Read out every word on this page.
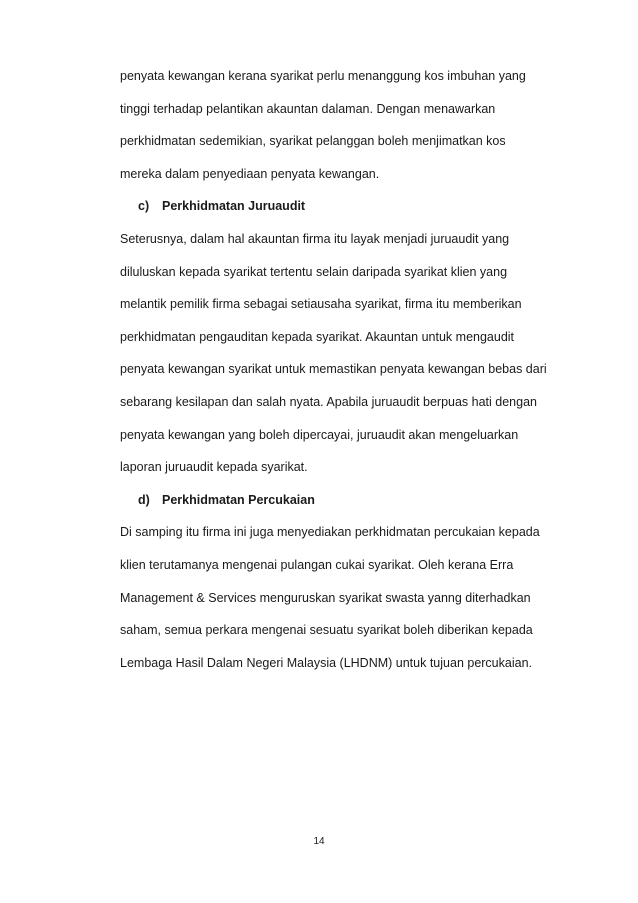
penyata kewangan kerana syarikat perlu menanggung kos imbuhan yang
tinggi terhadap pelantikan akauntan dalaman. Dengan menawarkan
perkhidmatan sedemikian, syarikat pelanggan boleh menjimatkan kos
mereka dalam penyediaan penyata kewangan.
c) Perkhidmatan Juruaudit
Seterusnya, dalam hal akauntan firma itu layak menjadi juruaudit yang
diluluskan kepada syarikat tertentu selain daripada syarikat klien yang
melantik pemilik firma sebagai setiausaha syarikat, firma itu memberikan
perkhidmatan pengauditan kepada syarikat. Akauntan untuk mengaudit
penyata kewangan syarikat untuk memastikan penyata kewangan bebas dari
sebarang kesilapan dan salah nyata. Apabila juruaudit berpuas hati dengan
penyata kewangan yang boleh dipercayai, juruaudit akan mengeluarkan
laporan juruaudit kepada syarikat.
d) Perkhidmatan Percukaian
Di samping itu firma ini juga menyediakan perkhidmatan percukaian kepada
klien terutamanya mengenai pulangan cukai syarikat. Oleh kerana Erra
Management & Services menguruskan syarikat swasta yanng diterhadkan
saham, semua perkara mengenai sesuatu syarikat boleh diberikan kepada
Lembaga Hasil Dalam Negeri Malaysia (LHDNM) untuk tujuan percukaian.
14
